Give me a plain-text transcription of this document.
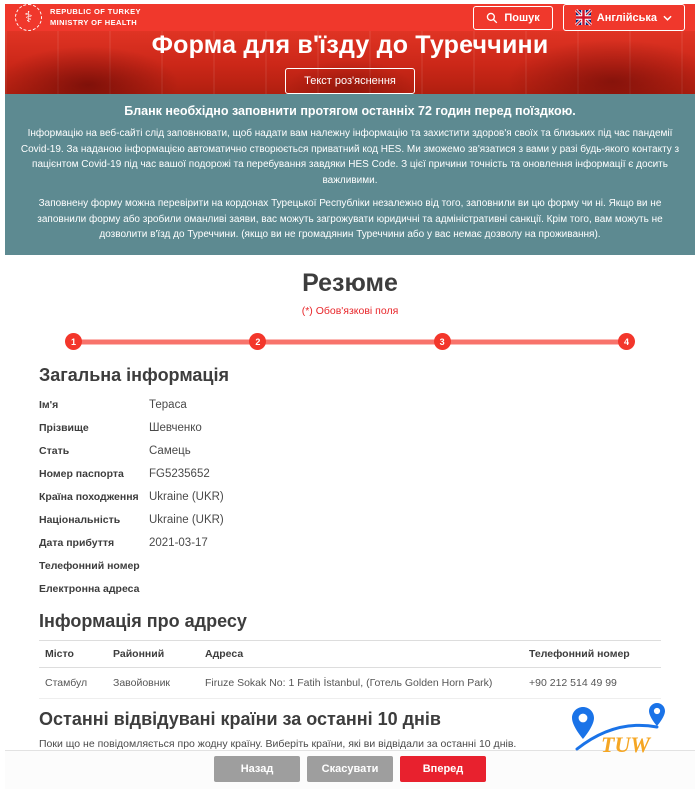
⚕	REPUBLIC OF TURKEY
MINISTRY OF HEALTH	Пошук	Англійська
Форма для в'їзду до Туреччини
Текст роз'яснення

Бланк необхідно заповнити протягом останніх 72 годин перед поїздкою.

Інформацію на веб-сайті слід заповнювати, щоб надати вам належну інформацію та захистити здоров'я своїх та близьких під час пандемії Covid-19. За наданою інформацією автоматично створюється приватний код HES. Ми зможемо зв'язатися з вами у разі будь-якого контакту з пацієнтом Covid-19 під час вашої подорожі та перебування завдяки HES Code. З цієї причини точність та оновлення інформації є досить важливими.

Заповнену форму можна перевірити на кордонах Турецької Республіки незалежно від того, заповнили ви цю форму чи ні. Якщо ви не заповнили форму або зробили оманливі заяви, вас можуть загрожувати юридичні та адміністративні санкції. Крім того, вам можуть не дозволити в'їзд до Туреччини. (якщо ви не громадянин Туреччини або у вас немає дозволу на проживання).

Резюме

(*) Обов'язкові поля

1	2	3	4
Загальна інформація
Ім'я	Тераса
Прізвище	Шевченко
Стать	Самець
Номер паспорта	FG5235652
Країна походження Ukraine (UKR)
Національність	Ukraine (UKR)
Дата прибуття	2021-03-17
Телефонний номер
Електронна адреса
Інформація про адресу
Місто	Районний	Адреса	Телефонний номер
Стамбул	Завойовник	Firuze Sokak No: 1 Fatih İstanbul, (Готель Golden Horn Park)	+90 212 514 49 99
Останні відвідувані країни за останні 10 днів

Поки що не повідомляється про жодну країну. Виберіть країни, які ви відвідали за останні 10 днів.	TUW
Назад	Скасувати	Вперед
